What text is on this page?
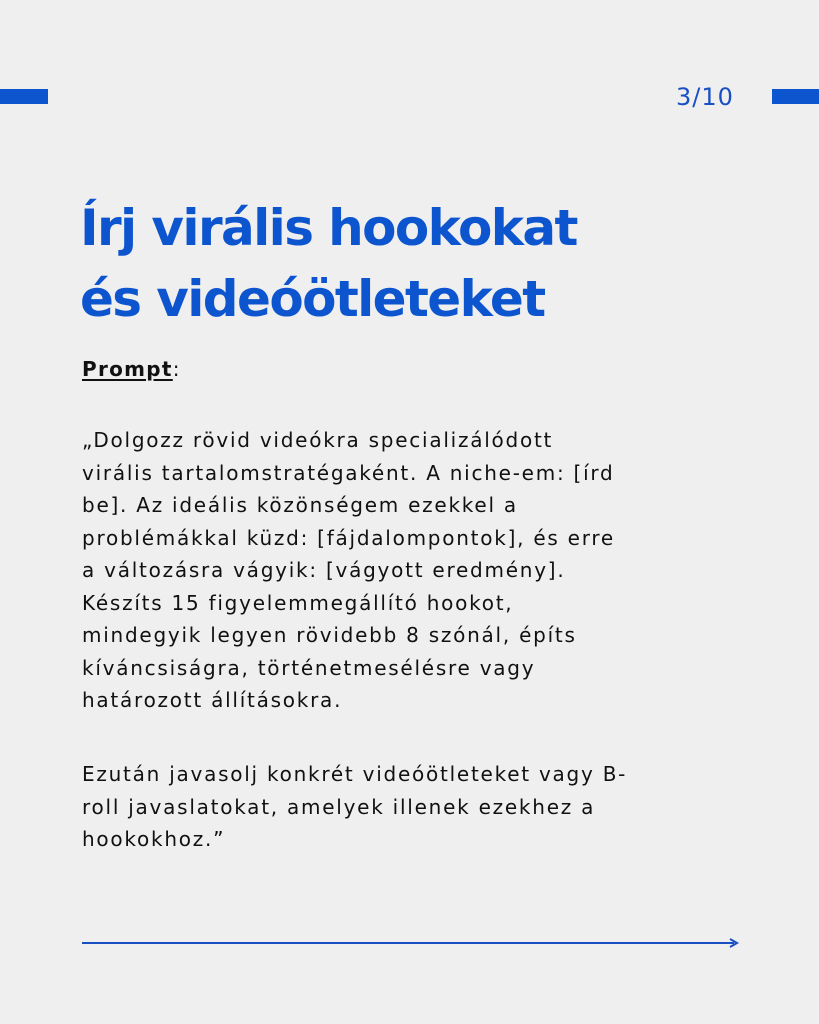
3/10
Írj virális hookokat
és videóötleteket
Prompt:
„Dolgozz rövid videókra specializálódott
virális tartalomstratégaként. A niche-em: [írd
be]. Az ideális közönségem ezekkel a
problémákkal küzd: [fájdalompontok], és erre
a változásra vágyik: [vágyott eredmény].
Készíts 15 figyelemmegállító hookot,
mindegyik legyen rövidebb 8 szónál, építs
kíváncsiságra, történetmesélésre vagy
határozott állításokra.
Ezután javasolj konkrét videóötleteket vagy B-
roll javaslatokat, amelyek illenek ezekhez a
hookokhoz.”
